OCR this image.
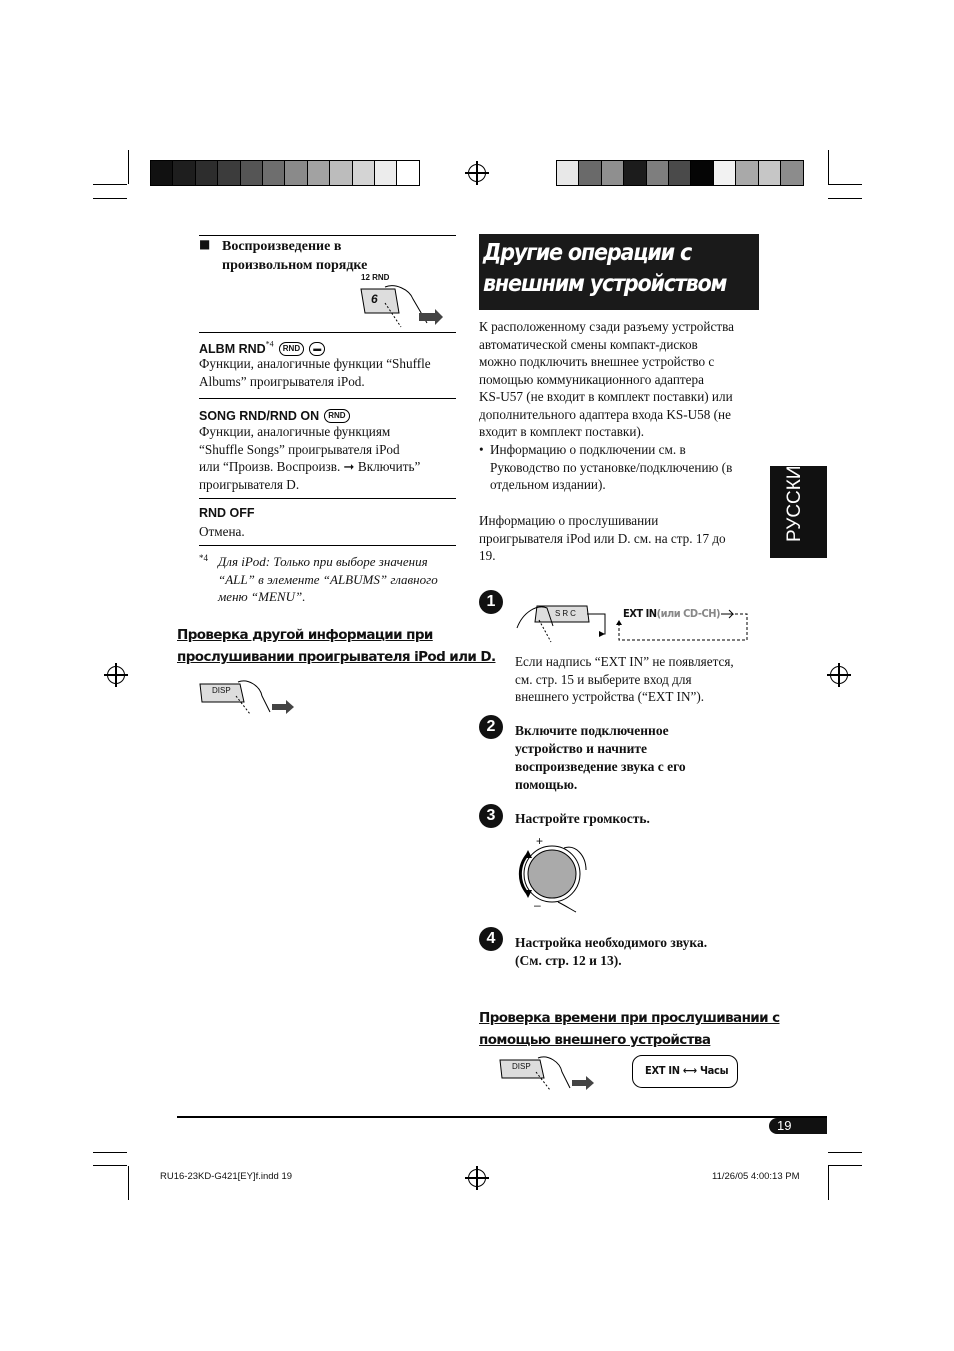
■ Воспроизведение в
произвольном порядке
12 RND
6
ALBM RND$^{*4}$ RND ▬
Функции, аналогичные функции “Shuffle
Albums” проигрывателя iPod.
SONG RND/RND ON RND
Функции, аналогичные функциям
“Shuffle Songs” проигрывателя iPod
или “Произв. Воспроизв. ➞ Включить”
проигрывателя D.
RND OFF
Отмена.
*4 Для iPod: Только при выборе значения
“ALL” в элементе “ALBUMS” главного
меню “MENU”.
Проверка другой информации при
прослушивании проигрывателя iPod или D.
DISP
Другие операции с
внешним устройством
К расположенному сзади разъему устройства
автоматической смены компакт-дисков
можно подключить внешнее устройство с
помощью коммуникационного адаптера
KS-U57 (не входит в комплект поставки) или
дополнительного адаптера входа KS-U58 (не
входит в комплект поставки).
• Информацию о подключении см. в
Руководство по установке/подключению (в
отдельном издании).
Информацию о прослушивании
проигрывателя iPod или D. см. на стр. 17 до
19.
РУССКИЙ
1
SRC	EXT IN(или CD-CH)
Если надпись “EXT IN” не появляется,
см. стр. 15 и выберите вход для
внешнего устройства (“EXT IN”).
2	Включите подключенное
устройство и начните
воспроизведение звука с его
помощью.
3	Настройте громкость.
+
–
4	Настройка необходимого звука.
(См. стр. 12 и 13).
Проверка времени при прослушивании с
помощью внешнего устройства
DISP	EXT IN ⟷ Часы
19
RU16-23KD-G421[EY]f.indd 19	11/26/05 4:00:13 PM
